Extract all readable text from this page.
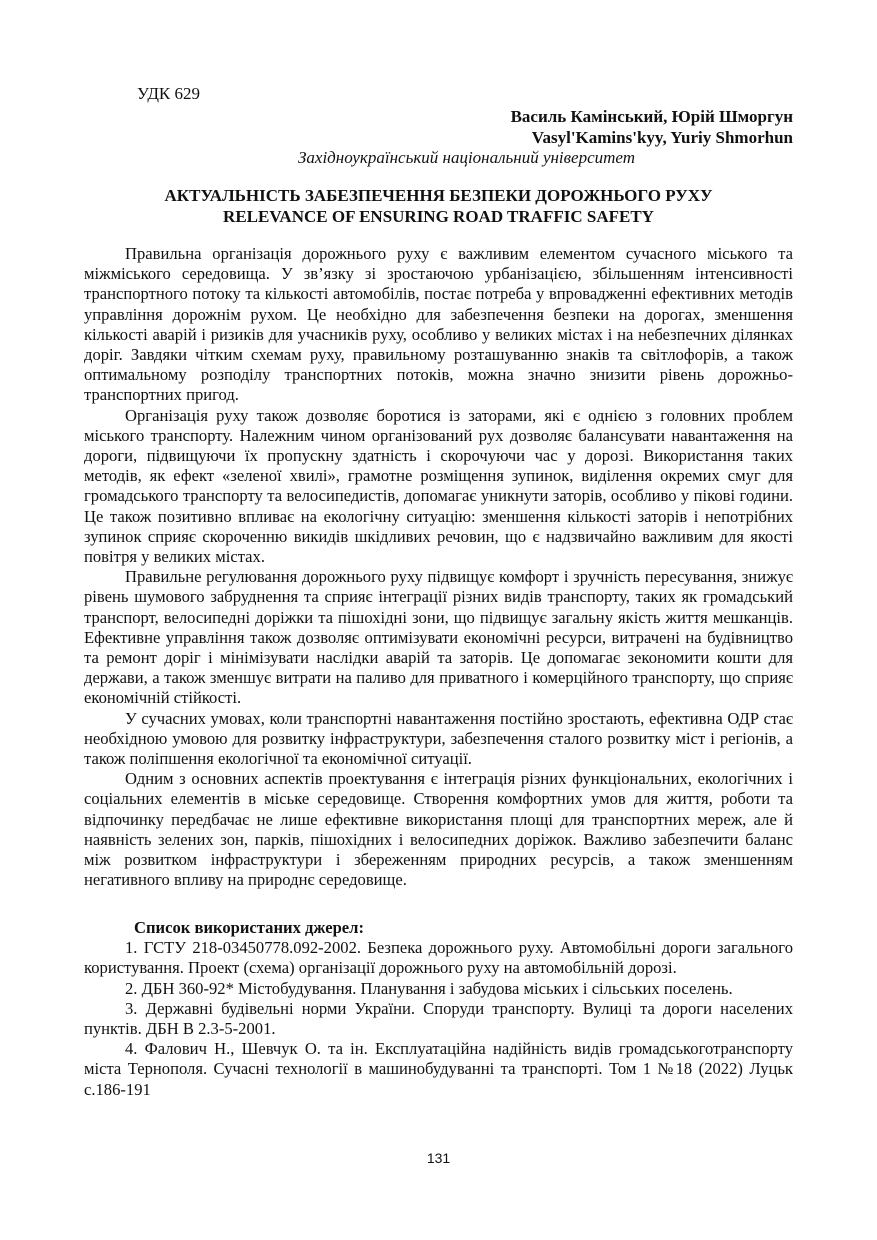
УДК 629
Василь Камінський, Юрій Шморгун
Vasyl'Kamins'kyy, Yuriy Shmorhun
Західноукраїнський національний університет
АКТУАЛЬНІСТЬ ЗАБЕЗПЕЧЕННЯ БЕЗПЕКИ ДОРОЖНЬОГО РУХУ
RELEVANCE OF ENSURING ROAD TRAFFIC SAFETY

Правильна організація дорожнього руху є важливим елементом сучасного міського та міжміського середовища. У зв’язку зі зростаючою урбанізацією, збільшенням інтенсивності транспортного потоку та кількості автомобілів, постає потреба у впровадженні ефективних методів управління дорожнім рухом. Це необхідно для забезпечення безпеки на дорогах, зменшення кількості аварій і ризиків для учасників руху, особливо у великих містах і на небезпечних ділянках доріг. Завдяки чітким схемам руху, правильному розташуванню знаків та світлофорів, а також оптимальному розподілу транспортних потоків, можна значно знизити рівень дорожньо-транспортних пригод.

Організація руху також дозволяє боротися із заторами, які є однією з головних проблем міського транспорту. Належним чином організований рух дозволяє балансувати навантаження на дороги, підвищуючи їх пропускну здатність і скорочуючи час у дорозі. Використання таких методів, як ефект «зеленої хвилі», грамотне розміщення зупинок, виділення окремих смуг для громадського транспорту та велосипедистів, допомагає уникнути заторів, особливо у пікові години. Це також позитивно впливає на екологічну ситуацію: зменшення кількості заторів і непотрібних зупинок сприяє скороченню викидів шкідливих речовин, що є надзвичайно важливим для якості повітря у великих містах.

Правильне регулювання дорожнього руху підвищує комфорт і зручність пересування, знижує рівень шумового забруднення та сприяє інтеграції різних видів транспорту, таких як громадський транспорт, велосипедні доріжки та пішохідні зони, що підвищує загальну якість життя мешканців. Ефективне управління також дозволяє оптимізувати економічні ресурси, витрачені на будівництво та ремонт доріг і мінімізувати наслідки аварій та заторів. Це допомагає зекономити кошти для держави, а також зменшує витрати на паливо для приватного і комерційного транспорту, що сприяє економічній стійкості.

У сучасних умовах, коли транспортні навантаження постійно зростають, ефективна ОДР стає необхідною умовою для розвитку інфраструктури, забезпечення сталого розвитку міст і регіонів, а також поліпшення екологічної та економічної ситуації.

Одним з основних аспектів проектування є інтеграція різних функціональних, екологічних і соціальних елементів в міське середовище. Створення комфортних умов для життя, роботи та відпочинку передбачає не лише ефективне використання площі для транспортних мереж, але й наявність зелених зон, парків, пішохідних і велосипедних доріжок. Важливо забезпечити баланс між розвитком інфраструктури і збереженням природних ресурсів, а також зменшенням негативного впливу на природнє середовище.

Список використаних джерел:

1. ГСТУ 218-03450778.092-2002. Безпека дорожнього руху. Автомобільні дороги загального користування. Проект (схема) організації дорожнього руху на автомобільній дорозі.

2. ДБН 360-92* Містобудування. Планування і забудова міських і сільських поселень.

3. Державні будівельні норми України. Споруди транспорту. Вулиці та дороги населених пунктів. ДБН В 2.3-5-2001.

4. Фалович Н., Шевчук О. та ін. Експлуатаційна надійність видів громадськоготранспорту міста Тернополя. Сучасні технології в машинобудуванні та транспорті. Том 1 №18 (2022) Луцьк с.186-191

131
